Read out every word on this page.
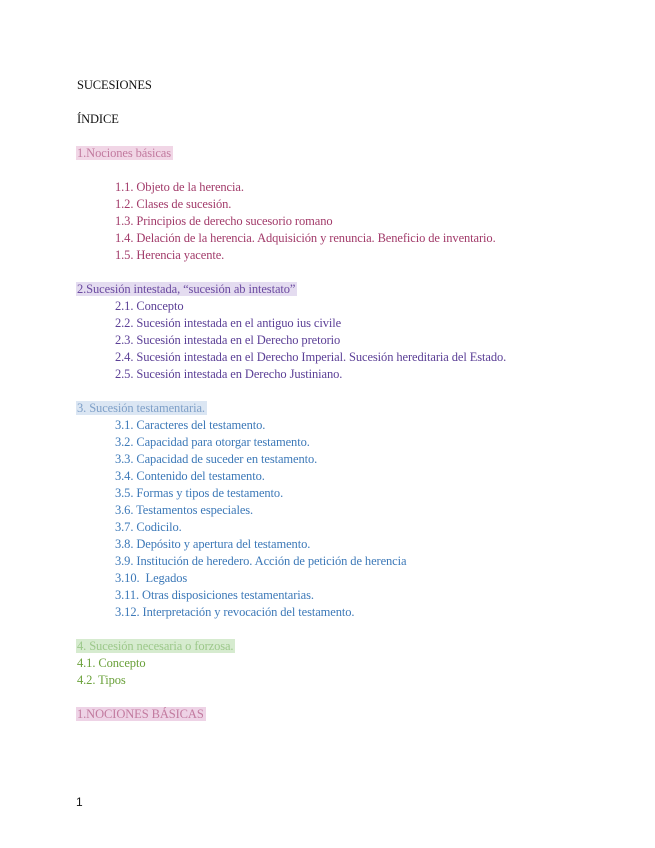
SUCESIONES
ÍNDICE
1.Nociones básicas
1.1. Objeto de la herencia.
1.2. Clases de sucesión.
1.3. Principios de derecho sucesorio romano
1.4. Delación de la herencia. Adquisición y renuncia. Beneficio de inventario.
1.5. Herencia yacente.
2.Sucesión intestada, “sucesión ab intestato”
2.1. Concepto
2.2. Sucesión intestada en el antiguo ius civile
2.3. Sucesión intestada en el Derecho pretorio
2.4. Sucesión intestada en el Derecho Imperial. Sucesión hereditaria del Estado.
2.5. Sucesión intestada en Derecho Justiniano.
3. Sucesión testamentaria.
3.1. Caracteres del testamento.
3.2. Capacidad para otorgar testamento.
3.3. Capacidad de suceder en testamento.
3.4. Contenido del testamento.
3.5. Formas y tipos de testamento.
3.6. Testamentos especiales.
3.7. Codicilo.
3.8. Depósito y apertura del testamento.
3.9. Institución de heredero. Acción de petición de herencia
3.10.  Legados
3.11. Otras disposiciones testamentarias.
3.12. Interpretación y revocación del testamento.
4. Sucesión necesaria o forzosa.
4.1. Concepto
4.2. Tipos
1.NOCIONES BÁSICAS
1
